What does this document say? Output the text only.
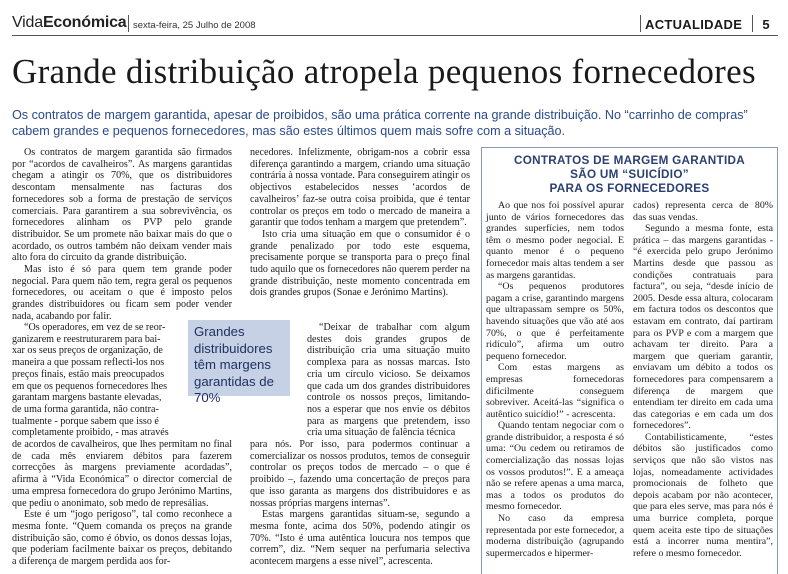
VidaEconómica sexta-feira, 25 Julho de 2008	ACTUALIDADE	5
Grande distribuição atropela pequenos fornecedores
Os contratos de margem garantida, apesar de proibidos, são uma prática corrente na grande distribuição. No “carrinho de compras” cabem grandes e pequenos fornecedores, mas são estes últimos quem mais sofre com a situação.

Os contratos de margem garantida são firmados por “acordos de cavalheiros”. As margens garantidas chegam a atingir os 70%, que os distribuidores descontam mensalmente nas facturas dos fornecedores sob a forma de prestação de serviços comerciais. Para garantirem a sua sobrevivência, os fornecedores alinham os PVP pelo grande distribuidor. Se um promete não baixar mais do que o acordado, os outros também não deixam vender mais alto fora do circuito da grande distribuição.

Mas isto é só para quem tem grande poder negocial. Para quem não tem, regra geral os pequenos fornecedores, ou aceitam o que é imposto pelos grandes distribuidores ou ficam sem poder vender nada, acabando por falir.

“Os operadores, em vez de se reor-
ganizarem e reestruturarem para bai-
xar os seus preços de organização, de
maneira a que possam reflecti-los nos
preços finais, estão mais preocupados
em que os pequenos fornecedores lhes
garantam margens bastante elevadas,
de uma forma garantida, não contra-
tualmente - porque sabem que isso é
completamente proibido, - mas através

de acordos de cavalheiros, que lhes permitam no final de cada mês enviarem débitos para fazerem correcções às margens previamente acordadas”, afirma à “Vida Económica” o director comercial de uma empresa fornecedora do grupo Jerónimo Martins, que pediu o anonimato, sob medo de represálias.

Este é um “jogo perigoso”, tal como reconhece a mesma fonte. “Quem comanda os preços na grande distribuição são, como é óbvio, os donos dessas lojas, que poderiam facilmente baixar os preços, debitando a diferença de margem perdida aos for-

Grandes distribuidores têm margens garantidas de 70%

necedores. Infelizmente, obrigam-nos a cobrir essa diferença garantindo a margem, criando uma situação contrária à nossa vontade. Para conseguirem atingir os objectivos estabelecidos nesses ‘acordos de cavalheiros’ faz-se outra coisa proibida, que é tentar controlar os preços em todo o mercado de maneira a garantir que todos tenham a margem que pretendem”.

Isto cria uma situação em que o consumidor é o grande penalizado por todo este esquema, precisamente porque se transporta para o preço final tudo aquilo que os fornecedores não querem perder na grande distribuição, neste momento concentrada em dois grandes grupos (Sonae e Jerónimo Martins).

“Deixar de trabalhar com algum destes dois grandes grupos de distribuição cria uma situação muito complexa para as nossas marcas. Isto cria um círculo vicioso. Se deixamos que cada um dos grandes distribuidores controle os nossos preços, limitando-nos a esperar que nos envie os débitos para as margens que pretendem, isso cria uma situação de falência técnica

para nós. Por isso, para podermos continuar a comercializar os nossos produtos, temos de conseguir controlar os preços todos de mercado – o que é proibido –, fazendo uma concertação de preços para que isso garanta as margens dos distribuidores e as nossas próprias margens internas”.

Estas margens garantidas situam-se, segundo a mesma fonte, acima dos 50%, podendo atingir os 70%. “Isto é uma autêntica loucura nos tempos que correm”, diz. “Nem sequer na perfumaria selectiva acontecem margens a esse nível”, acrescenta.

CONTRATOS DE MARGEM GARANTIDA
SÃO UM “SUICÍDIO”
PARA OS FORNECEDORES

Ao que nos foi possível apurar junto de vários fornecedores das grandes superfícies, nem todos têm o mesmo poder negocial. E quanto menor é o pequeno fornecedor mais altas tendem a ser as margens garantidas.

“Os pequenos produtores pagam a crise, garantindo margens que ultrapassam sempre os 50%, havendo situações que vão até aos 70%, o que é perfeitamente ridículo”, afirma um outro pequeno fornecedor.

Com estas margens as empresas fornecedoras dificilmente conseguem sobreviver. Aceitá-las “significa o autêntico suicídio!” - acrescenta.

Quando tentam negociar com o grande distribuidor, a resposta é só uma: “Ou cedem ou retiramos de comercialização das nossas lojas os vossos produtos!”. E a ameaça não se refere apenas a uma marca, mas a todos os produtos do mesmo fornecedor.

No caso da empresa representada por este fornecedor, a moderna distribuição (agrupando supermercados e hipermer-

cados) representa cerca de 80% das suas vendas.

Segundo a mesma fonte, esta prática – das margens garantidas - “é exercida pelo grupo Jerónimo Martins desde que passou as condições contratuais para factura”, ou seja, “desde início de 2005. Desde essa altura, colocaram em factura todos os descontos que estavam em contrato, daí partiram para os PVP e com a margem que achavam ter direito. Para a margem que queriam garantir, enviavam um débito a todos os fornecedores para compensarem a diferença de margem que entendiam ter direito em cada uma das categorias e em cada um dos fornecedores”.

Contabilisticamente, “estes débitos são justificados como serviços que não são vistos nas lojas, nomeadamente actividades promocionais de folheto que depois acabam por não acontecer, que para eles serve, mas para nós é uma burrice completa, porque quem aceita este tipo de situações está a incorrer numa mentira”, refere o mesmo fornecedor.
